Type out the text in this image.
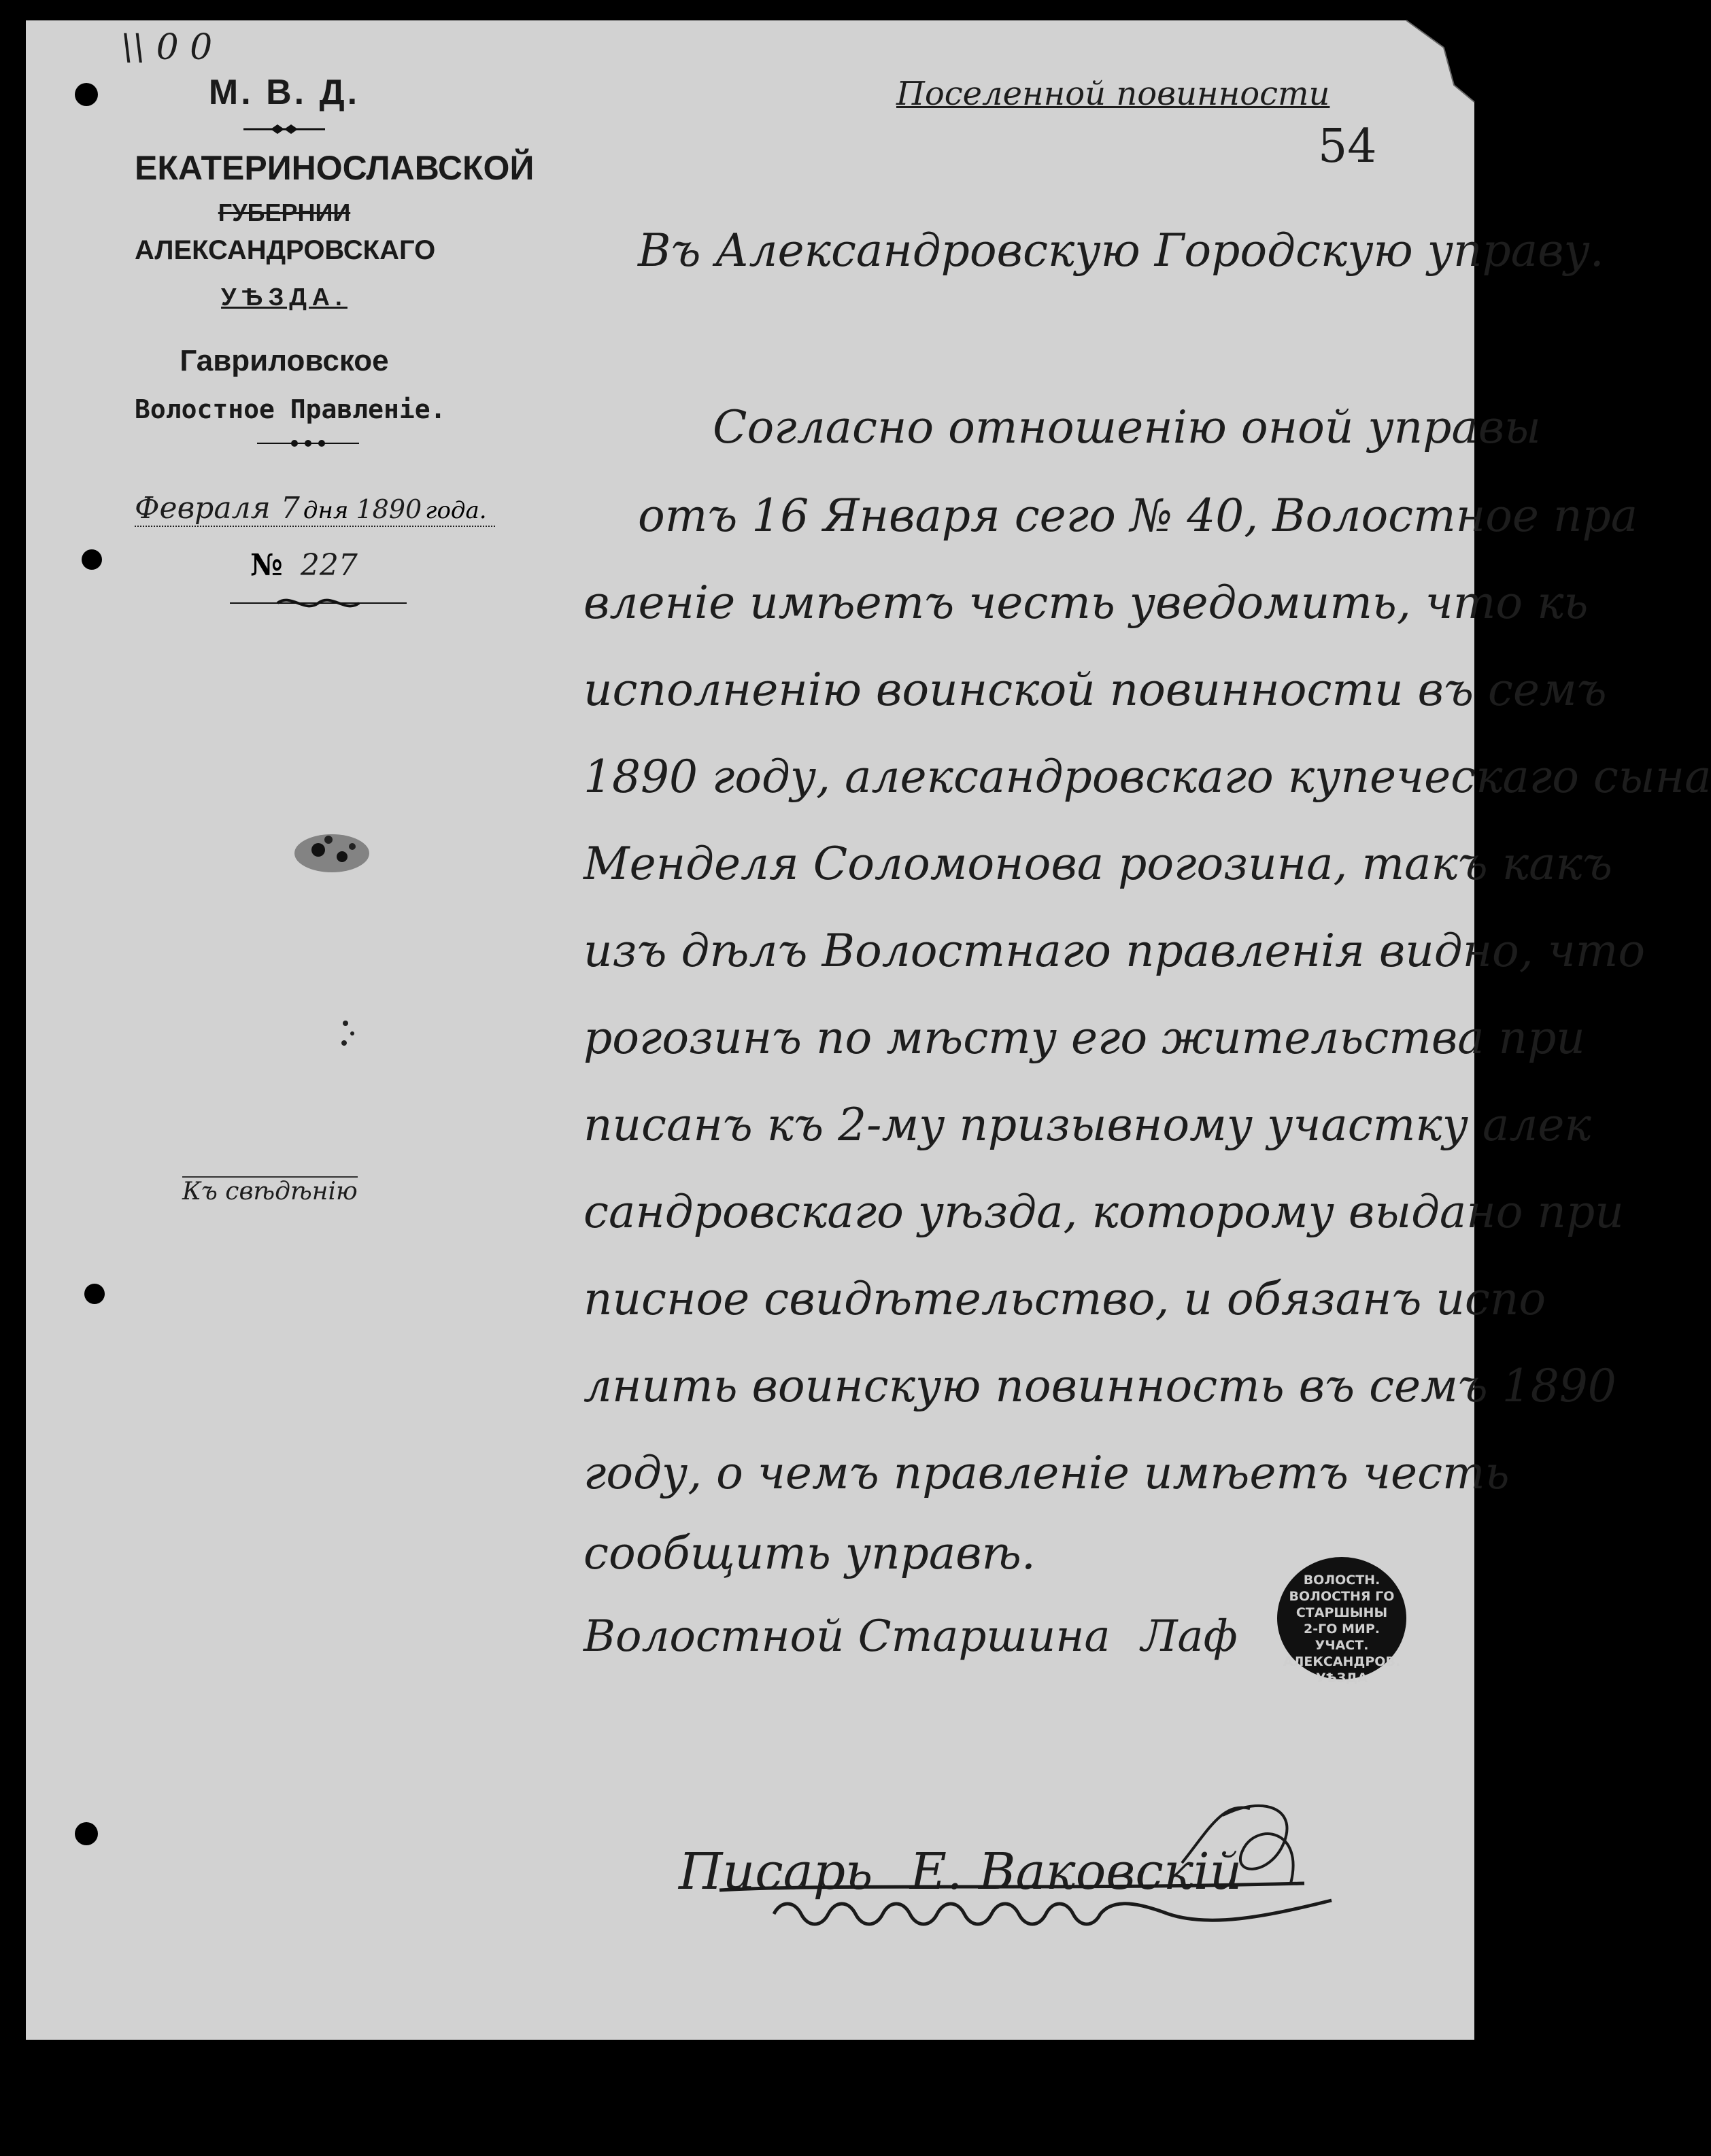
\\ 0 0
М. В. Д.
ЕКАТЕРИНОСЛАВСКОЙ
ГУБЕРНИИ
АЛЕКСАНДРОВСКАГО
УѢЗДА.
Гавриловское
Волостное Правленiе.
Февраля 7 дня 1890 года.
№ 227
Къ свѣдѣнію
Поселенной повинности
54
Въ Александровскую Городскую управу.
Согласно отношенію оной управы
отъ 16 Января сего № 40, Волостное пра
вленіе имѣетъ честь уведомить, что кь
исполненію воинской повинности въ семъ
1890 году, александровскаго купеческаго сына
Менделя Соломонова рогозина, такъ какъ
изъ дѣлъ Волостнаго правленія видно, что
рогозинъ по мѣсту его жительства при
писанъ къ 2-му призывному участку алек
сандровскаго уѣзда, которому выдано при
писное свидѣтельство, и обязанъ испо
лнить воинскую повинность въ семъ 1890
году, о чемъ правленіе имѣетъ честь
сообщить управѣ.
Волостной Старшина Лаф
ВОЛОСТН.
ВОЛОСТНЯ ГО
СТАРШЫНЫ
2-ГО МИР. УЧАСТ.
АЛЕКСАНДРОВ.
УѢЗДА
Писарь Е. Ваковскій
